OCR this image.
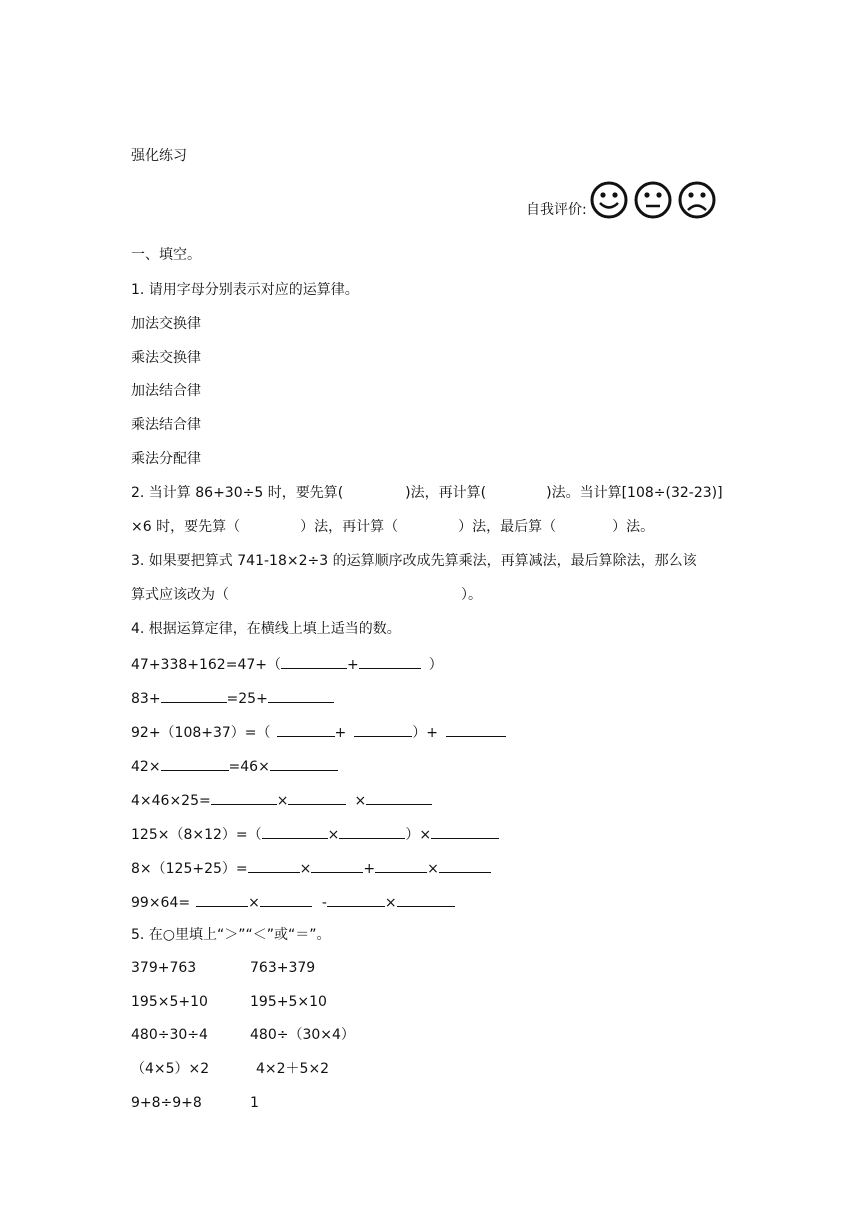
强化练习
自我评价:
一、填空。
1. 请用字母分别表示对应的运算律。
加法交换律
乘法交换律
加法结合律
乘法结合律
乘法分配律
2. 当计算 86+30÷5 时，要先算(	)法，再计算(	)法。当计算[108÷(32-23)]
×6 时，要先算（	）法，再计算（	）法，最后算（	）法。
3. 如果要把算式 741-18×2÷3 的运算顺序改成先算乘法，再算减法，最后算除法，那么该
算式应该改为（	）。
4. 根据运算定律，在横线上填上适当的数。
47+338+162=47+（	+	）
83+	=25+
92+（108+37）=（	+	）+
42×	=46×
4×46×25=	×	×
125×（8×12）=（	×	）×
8×（125+25）=	×	+	×
99×64=	×	-	×
5. 在○里填上“＞”“＜”或“＝”。
379+763	763+379
195×5+10	195+5×10
480÷30÷4	480÷（30×4）
（4×5）×2	4×2＋5×2
9+8÷9+8	1
